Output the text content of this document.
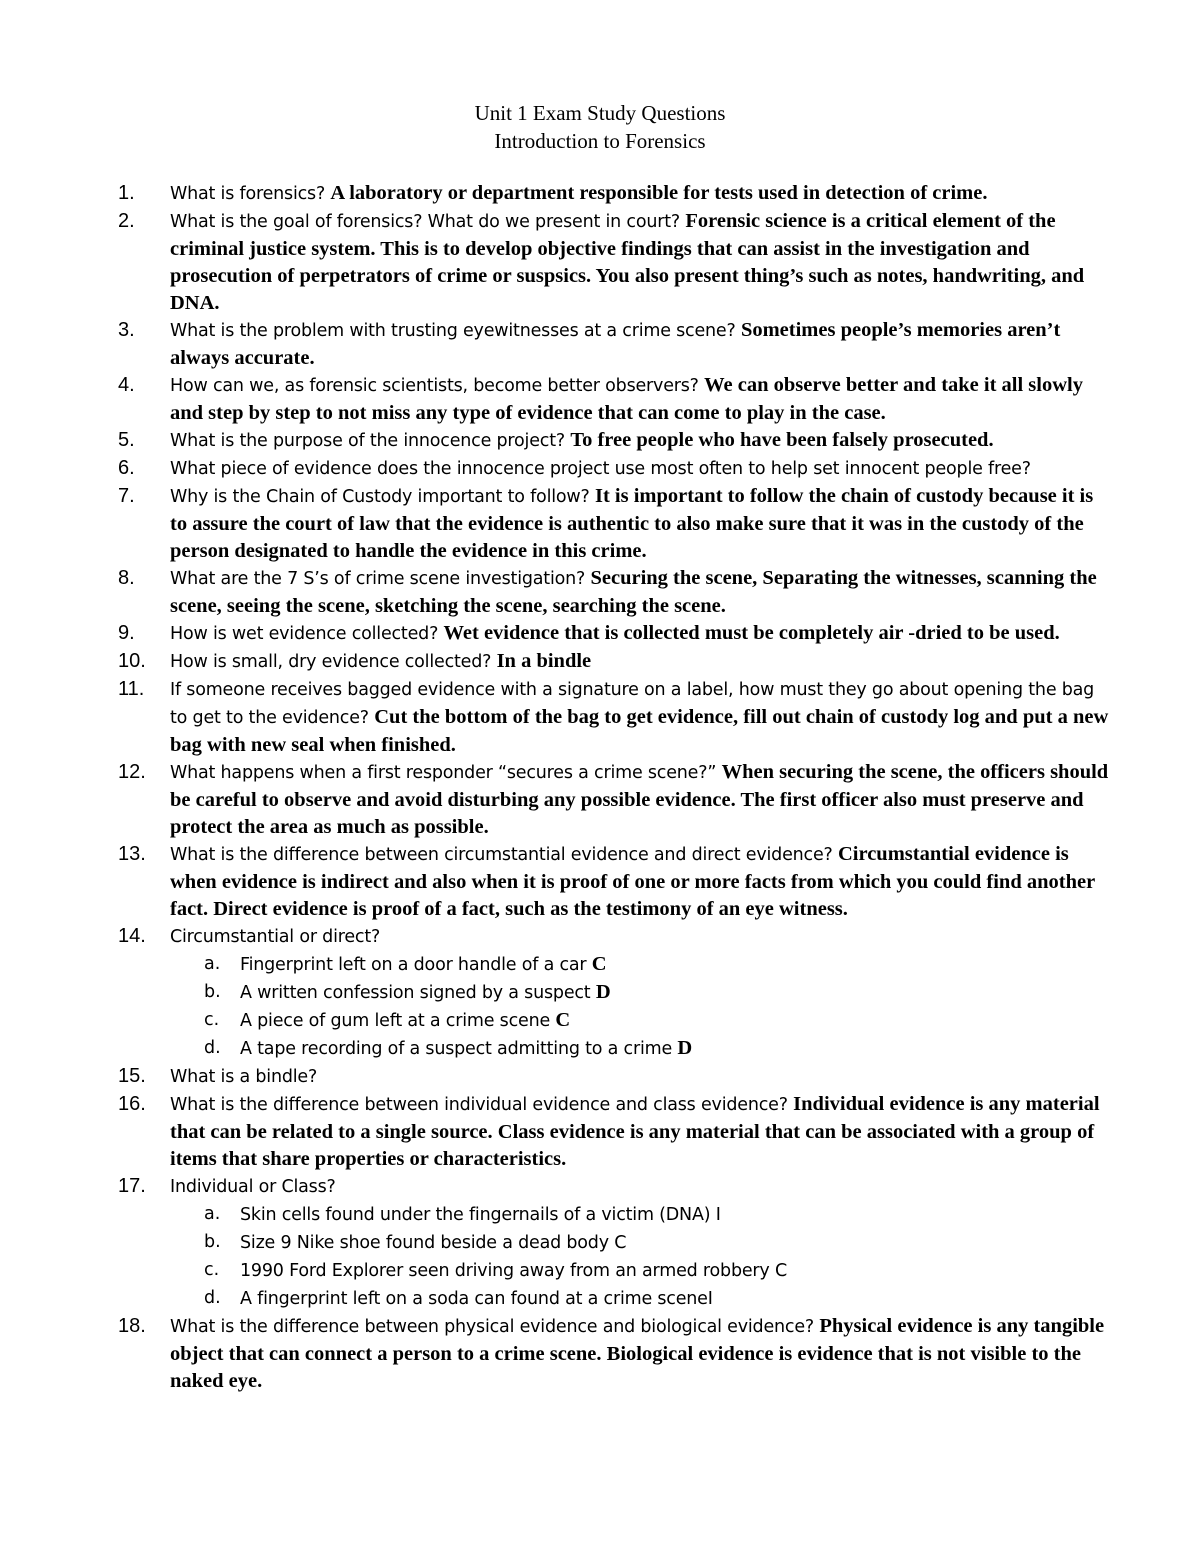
Unit 1 Exam Study Questions
Introduction to Forensics
1.	What is forensics? A laboratory or department responsible for tests used in detection of crime.
2.	What is the goal of forensics? What do we present in court? Forensic science is a critical element of the criminal justice system. This is to develop objective findings that can assist in the investigation and prosecution of perpetrators of crime or suspsics. You also present thing’s such as notes, handwriting, and DNA.
3.	What is the problem with trusting eyewitnesses at a crime scene? Sometimes people’s memories aren’t always accurate.
4.	How can we, as forensic scientists, become better observers? We can observe better and take it all slowly and step by step to not miss any type of evidence that can come to play in the case.
5.	What is the purpose of the innocence project? To free people who have been falsely prosecuted.
6.	What piece of evidence does the innocence project use most often to help set innocent people free?
7.	Why is the Chain of Custody important to follow? It is important to follow the chain of custody because it is to assure the court of law that the evidence is authentic to also make sure that it was in the custody of the person designated to handle the evidence in this crime.
8.	What are the 7 S’s of crime scene investigation? Securing the scene, Separating the witnesses, scanning the scene, seeing the scene, sketching the scene, searching the scene.
9.	How is wet evidence collected? Wet evidence that is collected must be completely air -dried to be used.
10.	How is small, dry evidence collected? In a bindle
11.	If someone receives bagged evidence with a signature on a label, how must they go about opening the bag to get to the evidence? Cut the bottom of the bag to get evidence, fill out chain of custody log and put a new bag with new seal when finished.
12.	What happens when a first responder “secures a crime scene?” When securing the scene, the officers should be careful to observe and avoid disturbing any possible evidence. The first officer also must preserve and protect the area as much as possible.
13.	What is the difference between circumstantial evidence and direct evidence? Circumstantial evidence is when evidence is indirect and also when it is proof of one or more facts from which you could find another fact. Direct evidence is proof of a fact, such as the testimony of an eye witness.
14.	Circumstantial or direct?
a. Fingerprint left on a door handle of a car C
b. A written confession signed by a suspect D
c. A piece of gum left at a crime scene C
d. A tape recording of a suspect admitting to a crime D
15.	What is a bindle?
16.	What is the difference between individual evidence and class evidence? Individual evidence is any material that can be related to a single source. Class evidence is any material that can be associated with a group of items that share properties or characteristics.
17.	Individual or Class?
a. Skin cells found under the fingernails of a victim (DNA) I
b. Size 9 Nike shoe found beside a dead body C
c. 1990 Ford Explorer seen driving away from an armed robbery C
d. A fingerprint left on a soda can found at a crime sceneI
18.	What is the difference between physical evidence and biological evidence? Physical evidence is any tangible object that can connect a person to a crime scene. Biological evidence is evidence that is not visible to the naked eye.
